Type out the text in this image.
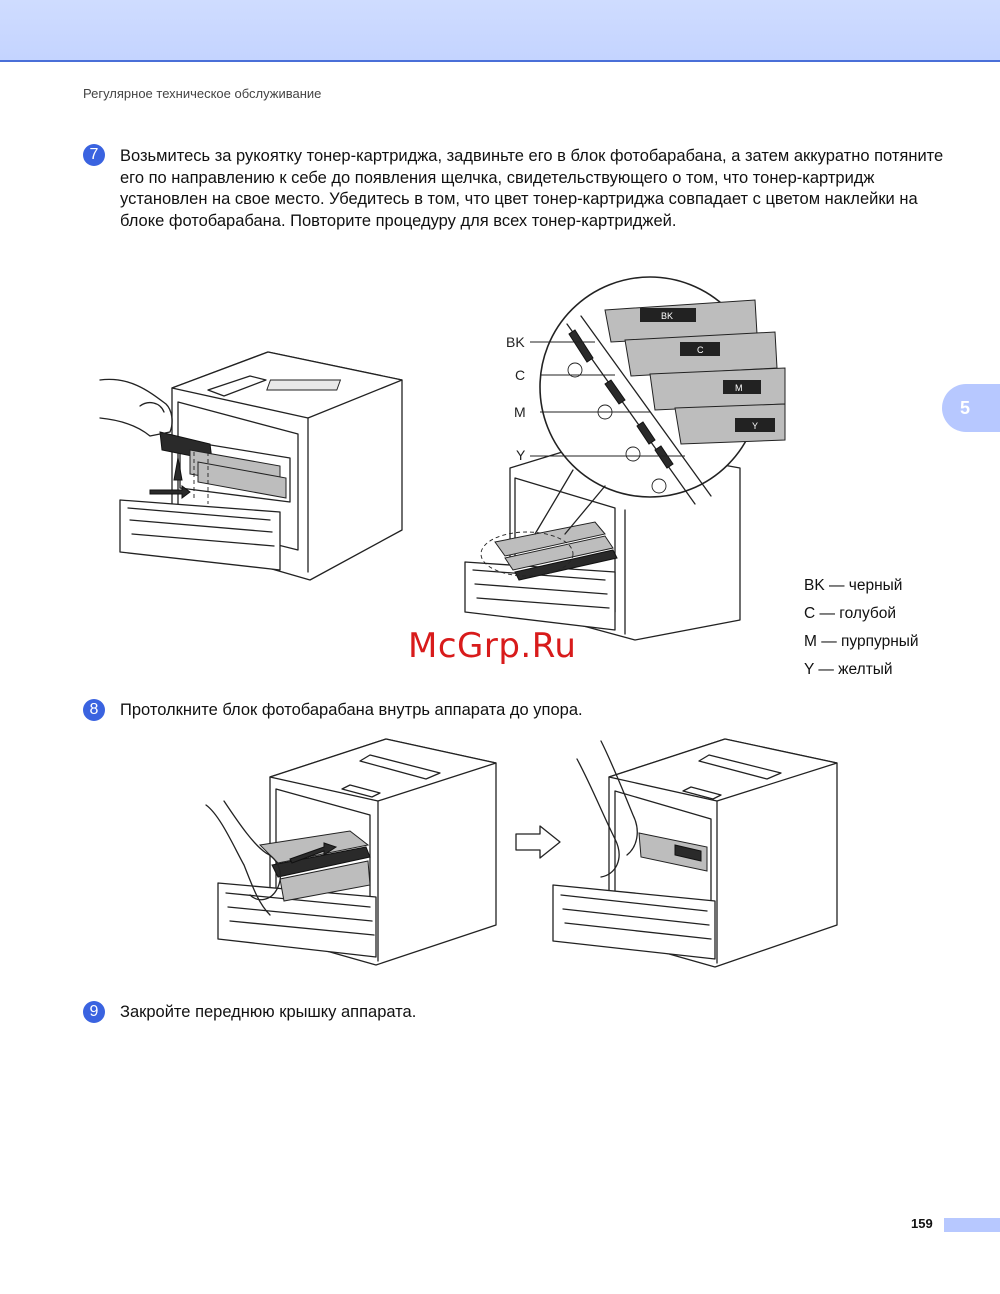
Регулярное техническое обслуживание
7	Возьмитесь за рукоятку тонер-картриджа, задвиньте его в блок фотобарабана, а затем аккуратно потяните его по направлению к себе до появления щелчка, свидетельствующего о том, что тонер-картридж установлен на свое место. Убедитесь в том, что цвет тонер-картриджа совпадает с цветом наклейки на блоке фотобарабана. Повторите процедуру для всех тонер-картриджей.
BK
C
M
Y
BK
C
M
Y
BK — черный
C — голубой
M — пурпурный
Y — желтый
5
McGrp.Ru
8	Протолкните блок фотобарабана внутрь аппарата до упора.
9	Закройте переднюю крышку аппарата.
159
